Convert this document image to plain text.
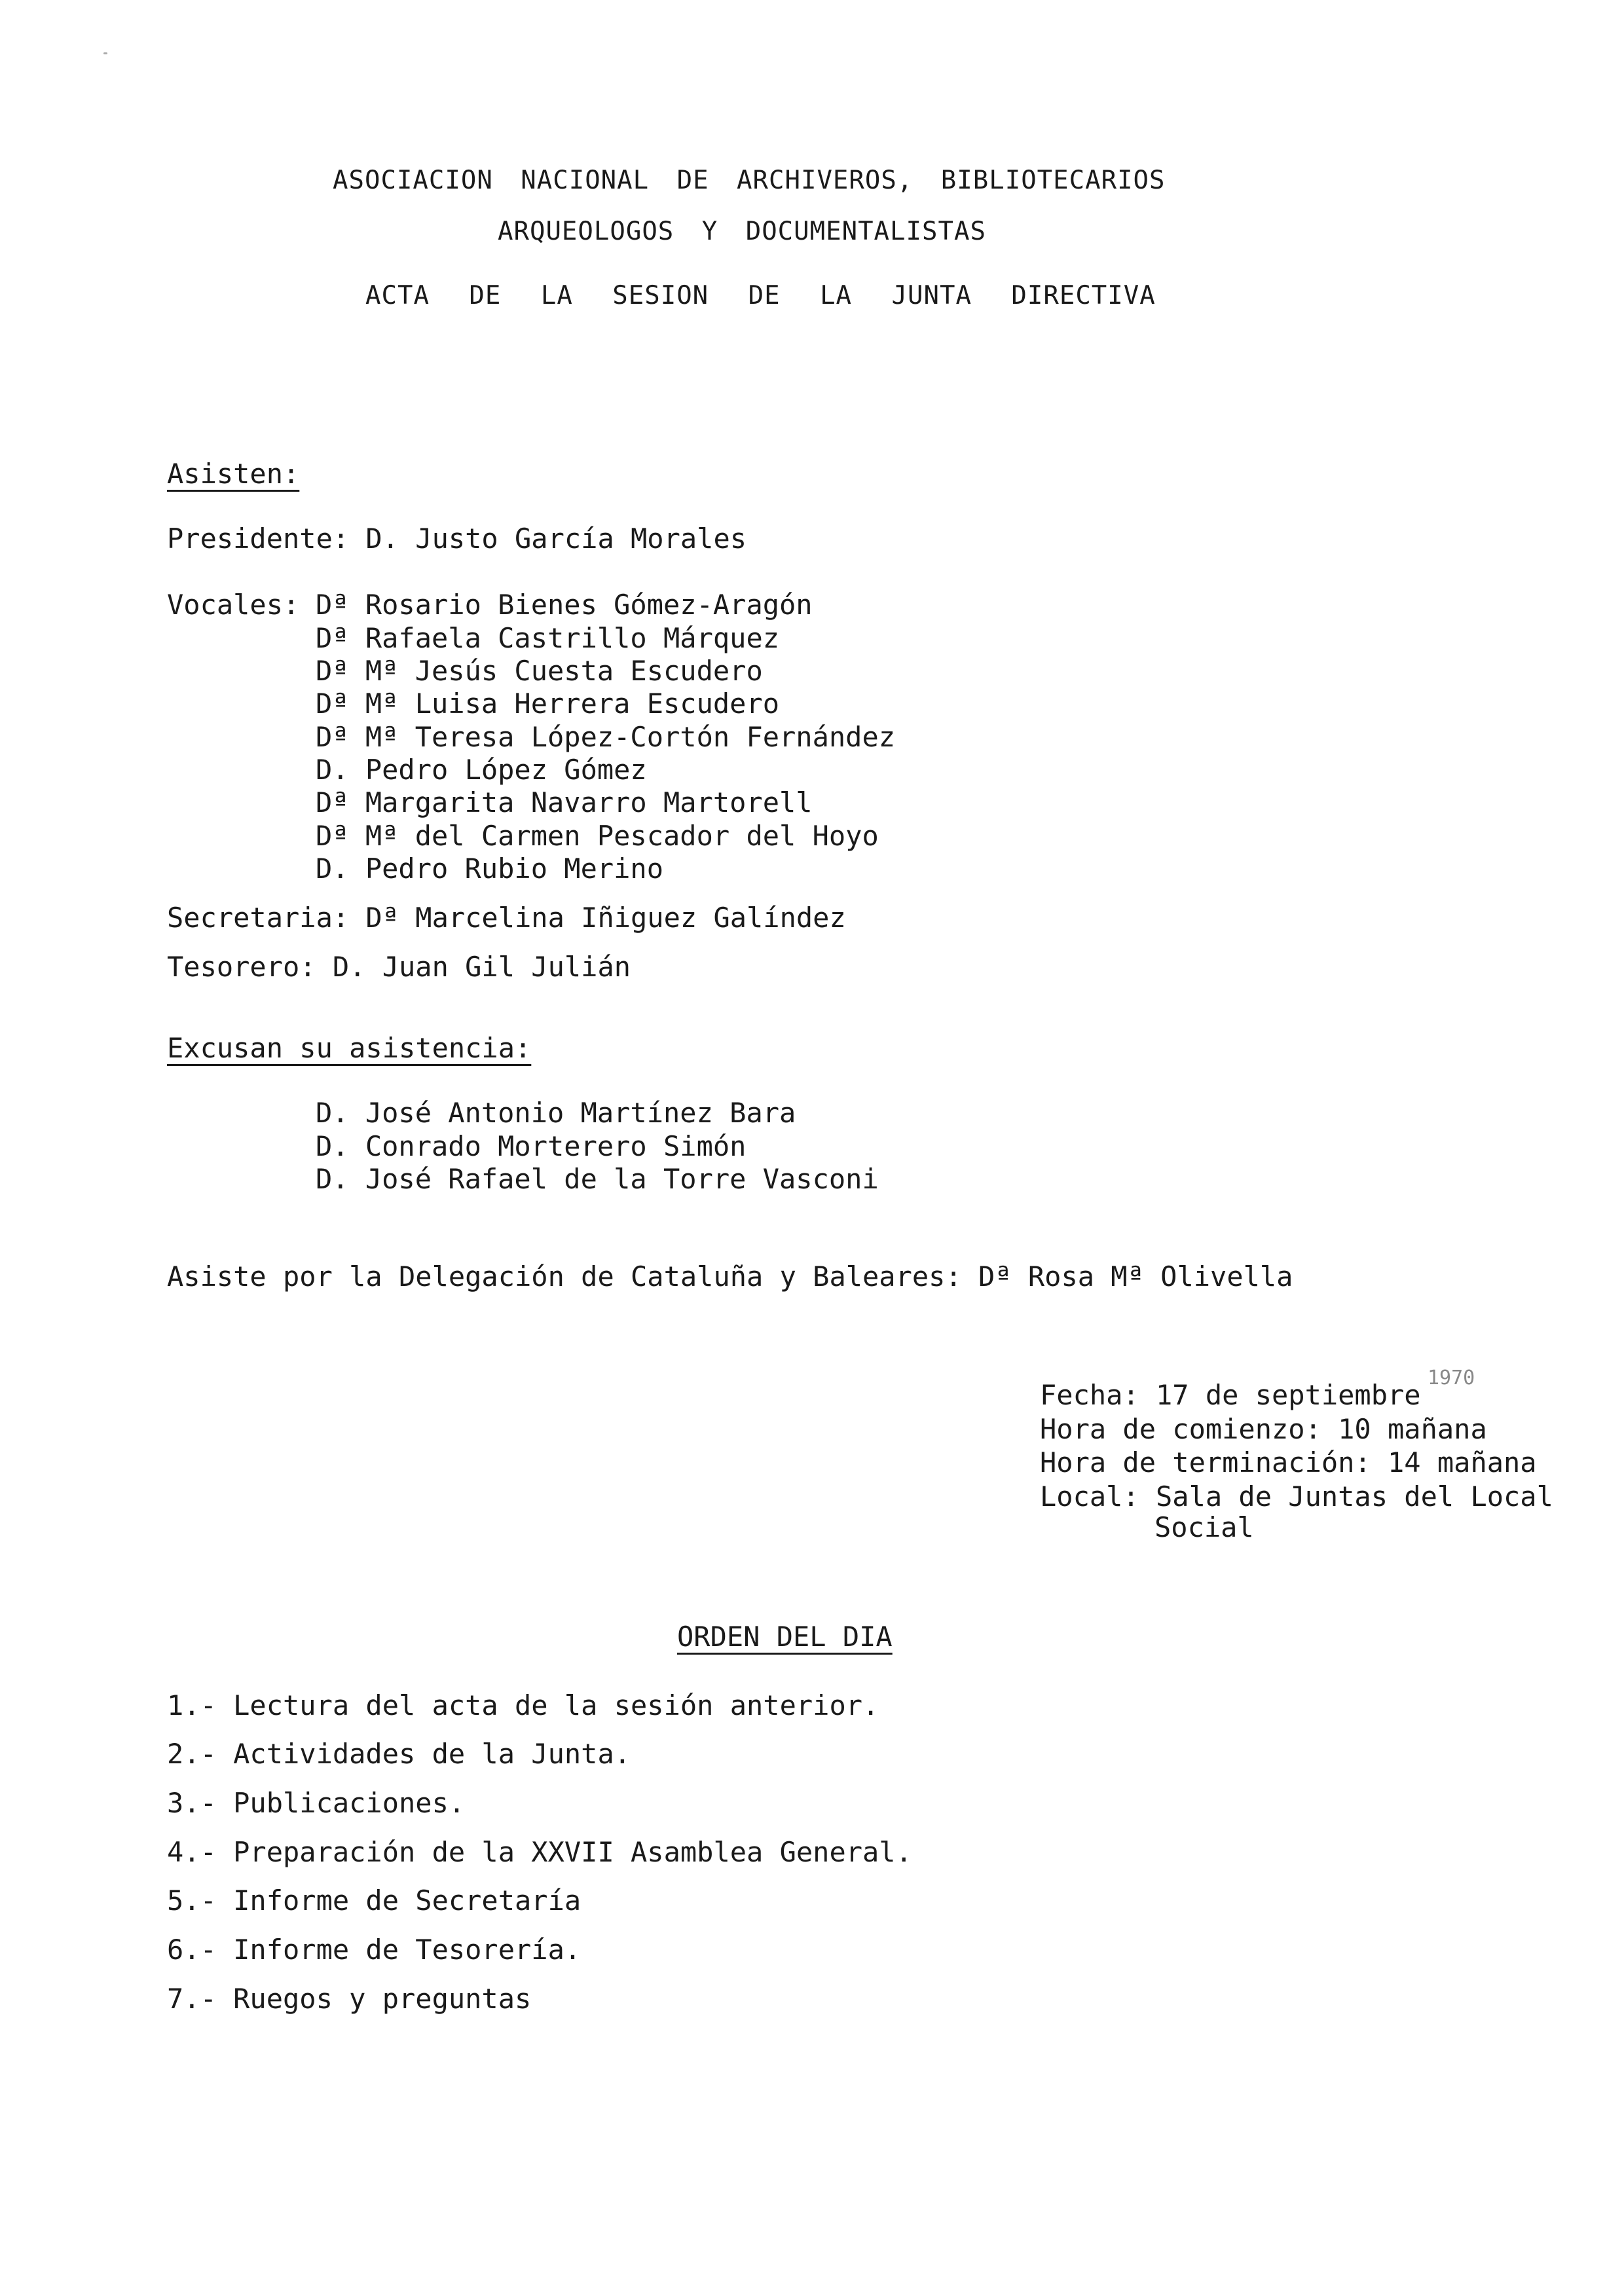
ASOCIACION NACIONAL DE ARCHIVEROS, BIBLIOTECARIOS
ARQUEOLOGOS Y DOCUMENTALISTAS
ACTA DE LA SESION DE LA JUNTA DIRECTIVA
Asisten:
Presidente: D. Justo García Morales
Vocales: Dª Rosario Bienes Gómez-Aragón
Dª Rafaela Castrillo Márquez
Dª Mª Jesús Cuesta Escudero
Dª Mª Luisa Herrera Escudero
Dª Mª Teresa López-Cortón Fernández
D. Pedro López Gómez
Dª Margarita Navarro Martorell
Dª Mª del Carmen Pescador del Hoyo
D. Pedro Rubio Merino
Secretaria: Dª Marcelina Iñiguez Galíndez
Tesorero: D. Juan Gil Julián
Excusan su asistencia:
D. José Antonio Martínez Bara
D. Conrado Morterero Simón
D. José Rafael de la Torre Vasconi
Asiste por la Delegación de Cataluña y Baleares: Dª Rosa Mª Olivella
Fecha: 17 de septiembre
1970
Hora de comienzo: 10 mañana
Hora de terminación: 14 mañana
Local: Sala de Juntas del Local
Social
ORDEN DEL DIA
1.- Lectura del acta de la sesión anterior.
2.- Actividades de la Junta.
3.- Publicaciones.
4.- Preparación de la XXVII Asamblea General.
5.- Informe de Secretaría
6.- Informe de Tesorería.
7.- Ruegos y preguntas
